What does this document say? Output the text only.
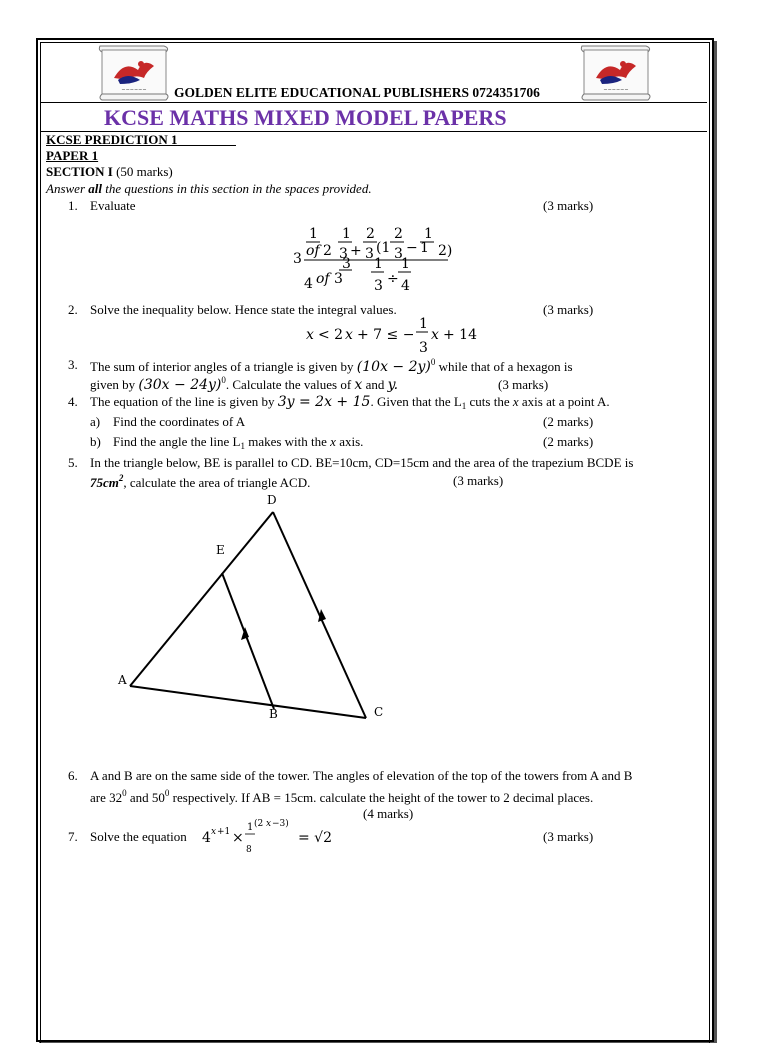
~~~~~~	~~~~~~
GOLDEN ELITE EDUCATIONAL PUBLISHERS 0724351706
KCSE MATHS MIXED MODEL PAPERS
KCSE PREDICTION 1
PAPER 1
SECTION I (50 marks)
Answer all the questions in this section in the spaces provided.
1. Evaluate	(3 marks)
3
1
of 2
1
3 +
2
3 (1
2
3 −
1
1 2)
3
4 of 3
1
3 ÷
1
4
2. Solve the inequality below. Hence state the integral values.	(3 marks)
x < 2 x + 7 ≤ −
1
3
x + 14
3. The sum of interior angles of a triangle is given by $(10x - 2y)^0$ while that of a hexagon is
given by $(30x - 24y)^0$. Calculate the values of x and y.	(3 marks)
4. The equation of the line is given by 3y = 2x + 15. Given that the $L_1$ cuts the x axis at a point A.
a) Find the coordinates of A	(2 marks)
b) Find the angle the line $L_1$ makes with the x axis.	(2 marks)
5. In the triangle below, BE is parallel to CD. BE=10cm, CD=15cm and the area of the trapezium BCDE is
$75cm^2$, calculate the area of triangle ACD.	(3 marks)
D
E
A
B	C
6. A and B are on the same side of the tower. The angles of elevation of the top of the towers from A and B
are $32^0$ and $50^0$ respectively. If AB = 15cm. calculate the height of the tower to 2 decimal places.
(4 marks)
7. Solve the equation 4 x +1 ×
1 (2 x −3)
8
= √2	(3 marks)
